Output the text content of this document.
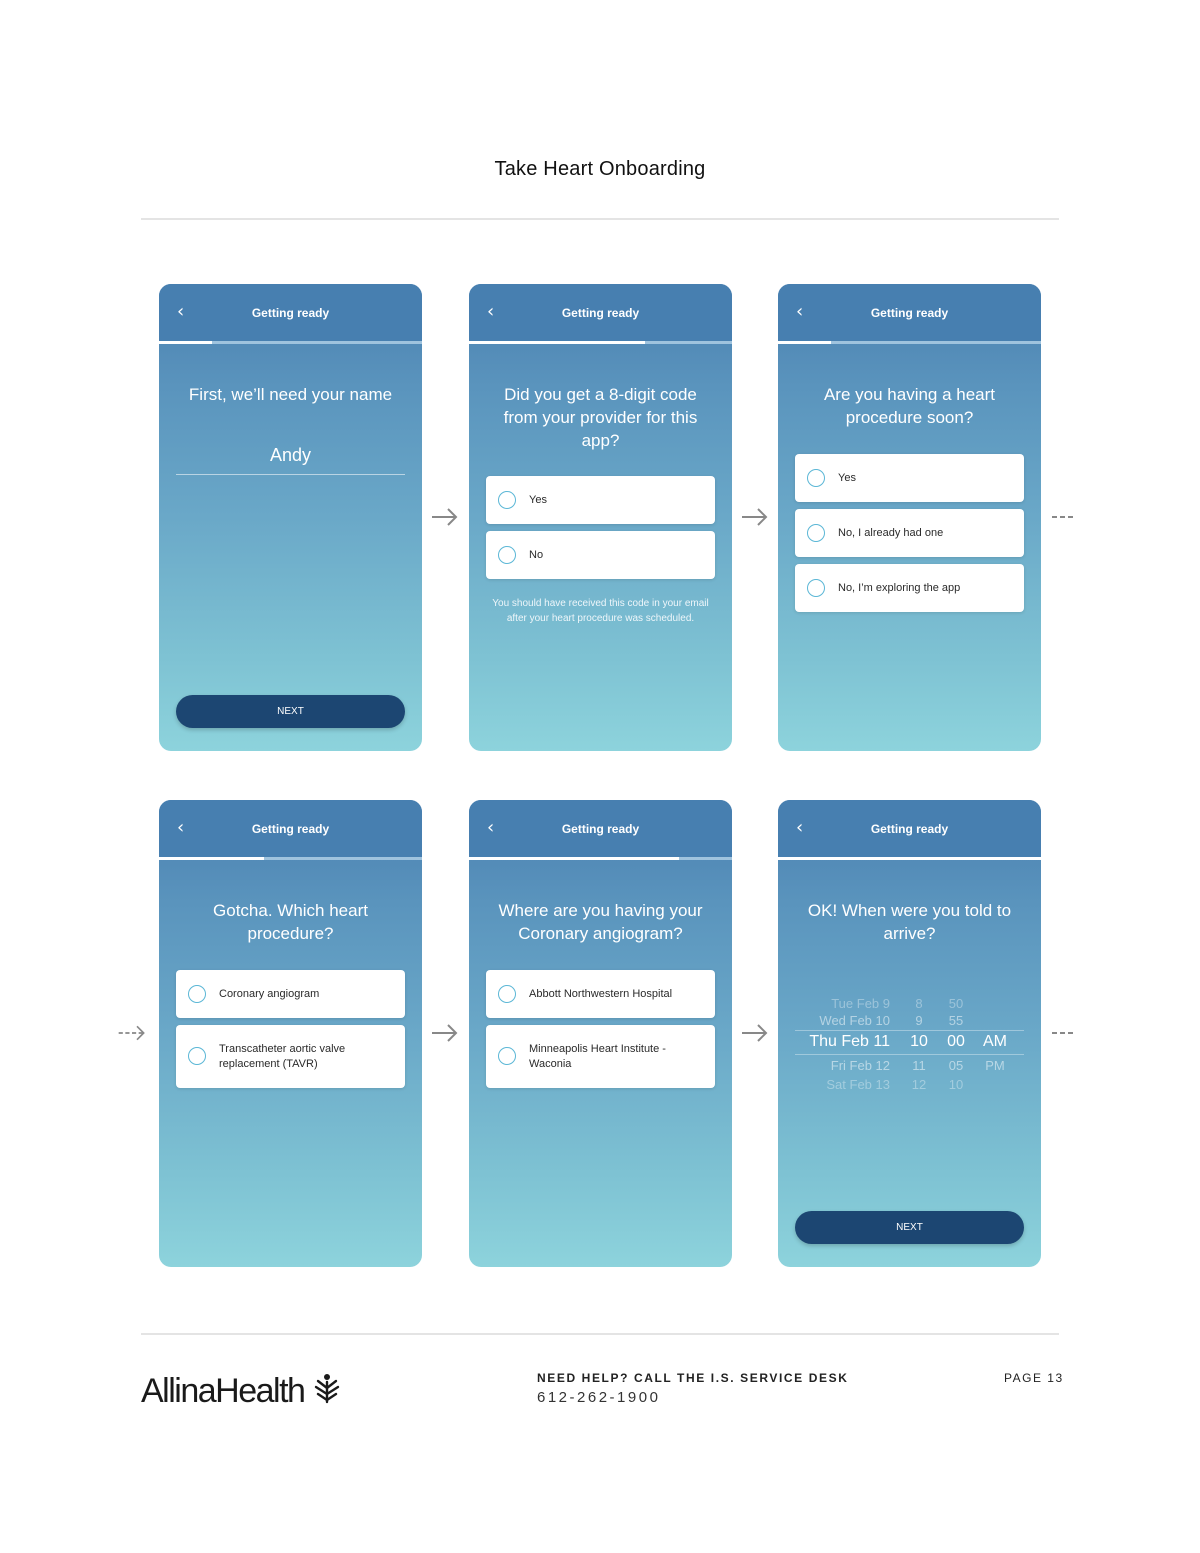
Take Heart Onboarding
‹	Getting ready
First, we’ll need your name
Andy
NEXT
‹	Getting ready
Did you get a 8-digit code from your provider for this app?
Yes
No
You should have received this code in your email after your heart procedure was scheduled.
‹	Getting ready
Are you having a heart procedure soon?
Yes
No, I already had one
No, I’m exploring the app
‹	Getting ready
Gotcha. Which heart procedure?
Coronary angiogram
Transcatheter aortic valve replacement (TAVR)
‹	Getting ready
Where are you having your Coronary angiogram?
Abbott Northwestern Hospital
Minneapolis Heart Institute - Waconia
‹	Getting ready
OK! When were you told to arrive?
Tue Feb 9	8	50
Wed Feb 10	9	55
Thu Feb 11 10 00 AM
Fri Feb 12	11	05	PM
Sat Feb 13	12	10
NEXT
AllinaHealth	NEED HELP? CALL THE I.S. SERVICE DESK
612-262-1900
PAGE 13
